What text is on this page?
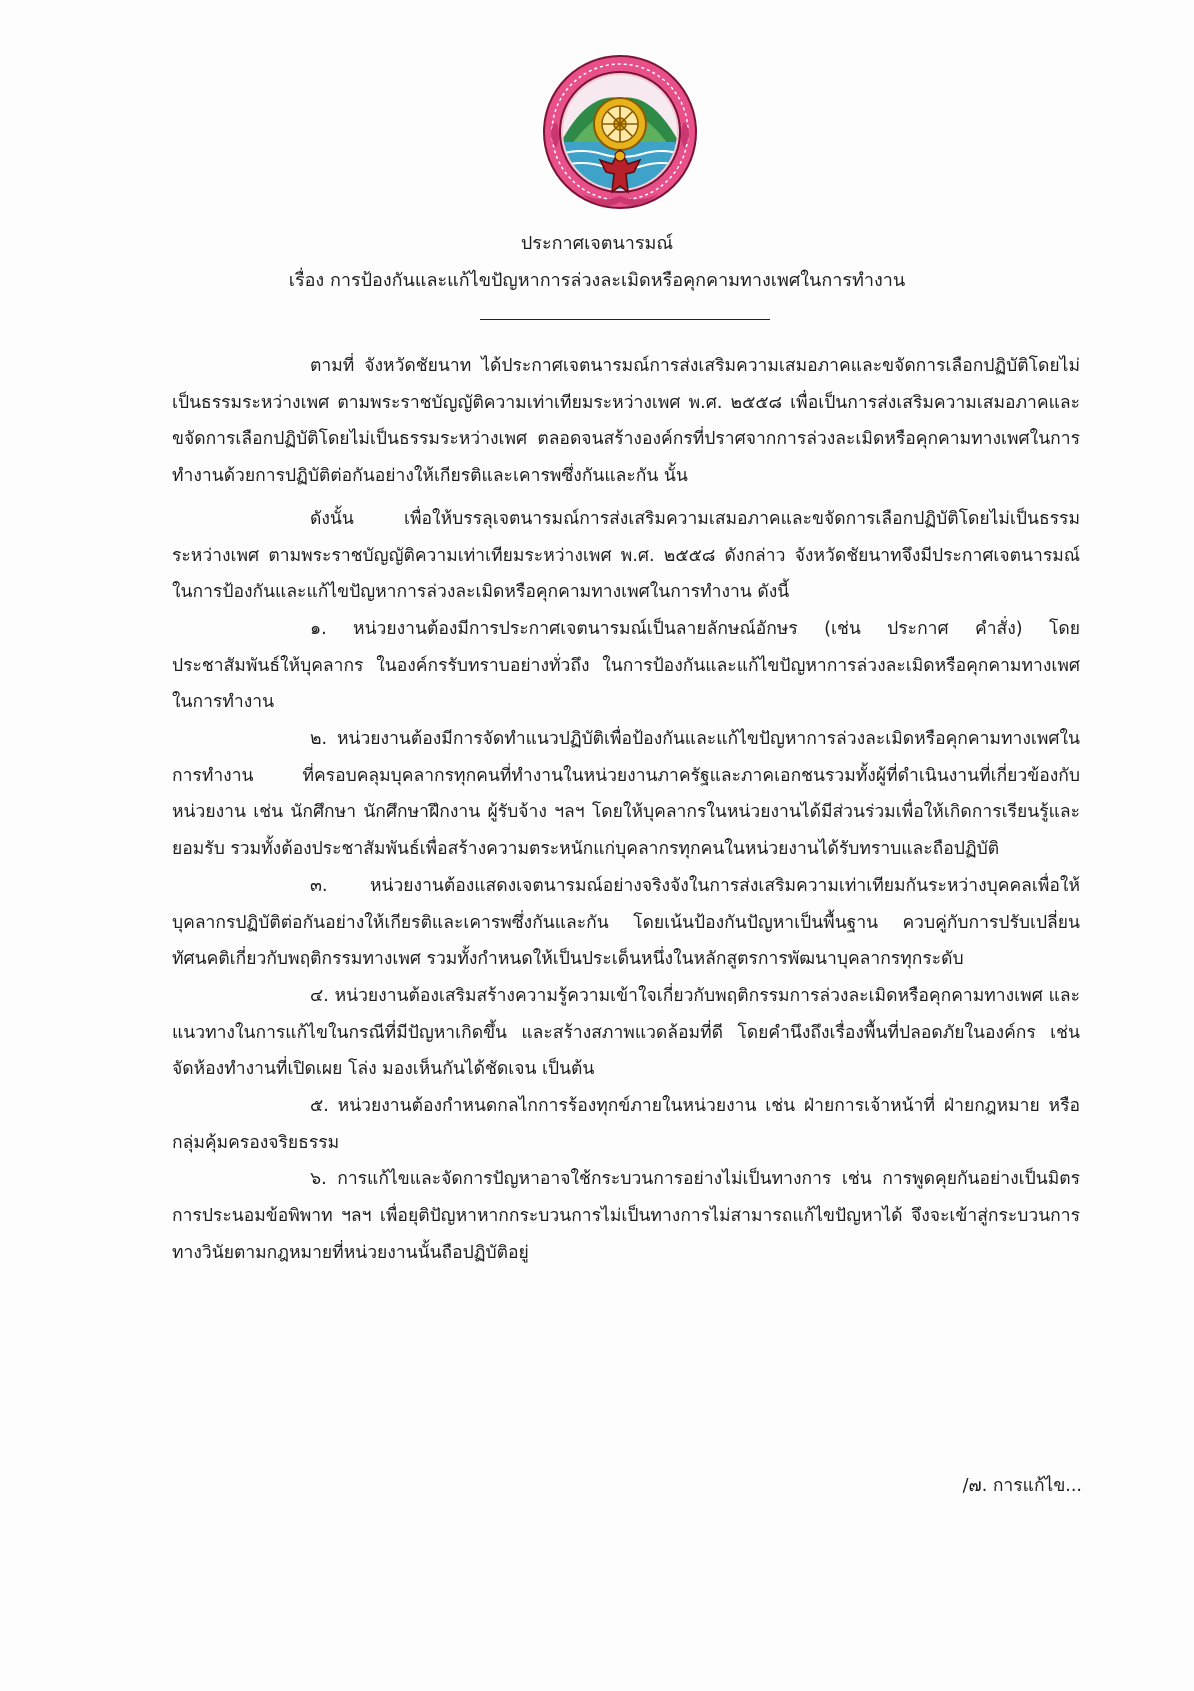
ประกาศเจตนารมณ์
เรื่อง การป้องกันและแก้ไขปัญหาการล่วงละเมิดหรือคุกคามทางเพศในการทำงาน

ตามที่ จังหวัดชัยนาท ได้ประกาศเจตนารมณ์การส่งเสริมความเสมอภาคและขจัดการเลือกปฏิบัติโดยไม่เป็นธรรมระหว่างเพศ ตามพระราชบัญญัติความเท่าเทียมระหว่างเพศ พ.ศ. ๒๕๕๘ เพื่อเป็นการส่งเสริมความเสมอภาคและขจัดการเลือกปฏิบัติโดยไม่เป็นธรรมระหว่างเพศ ตลอดจนสร้างองค์กรที่ปราศจากการล่วงละเมิดหรือคุกคามทางเพศในการทำงานด้วยการปฏิบัติต่อกันอย่างให้เกียรติและเคารพซึ่งกันและกัน นั้น

ดังนั้น เพื่อให้บรรลุเจตนารมณ์การส่งเสริมความเสมอภาคและขจัดการเลือกปฏิบัติโดยไม่เป็นธรรมระหว่างเพศ ตามพระราชบัญญัติความเท่าเทียมระหว่างเพศ พ.ศ. ๒๕๕๘ ดังกล่าว จังหวัดชัยนาทจึงมีประกาศเจตนารมณ์ในการป้องกันและแก้ไขปัญหาการล่วงละเมิดหรือคุกคามทางเพศในการทำงาน ดังนี้

๑. หน่วยงานต้องมีการประกาศเจตนารมณ์เป็นลายลักษณ์อักษร (เช่น ประกาศ คำสั่ง) โดยประชาสัมพันธ์ให้บุคลากร ในองค์กรรับทราบอย่างทั่วถึง ในการป้องกันและแก้ไขปัญหาการล่วงละเมิดหรือคุกคามทางเพศในการทำงาน

๒. หน่วยงานต้องมีการจัดทำแนวปฏิบัติเพื่อป้องกันและแก้ไขปัญหาการล่วงละเมิดหรือคุกคามทางเพศในการทำงาน ที่ครอบคลุมบุคลากรทุกคนที่ทำงานในหน่วยงานภาครัฐและภาคเอกชนรวมทั้งผู้ที่ดำเนินงานที่เกี่ยวข้องกับหน่วยงาน เช่น นักศึกษา นักศึกษาฝึกงาน ผู้รับจ้าง ฯลฯ โดยให้บุคลากรในหน่วยงานได้มีส่วนร่วมเพื่อให้เกิดการเรียนรู้และยอมรับ รวมทั้งต้องประชาสัมพันธ์เพื่อสร้างความตระหนักแก่บุคลากรทุกคนในหน่วยงานได้รับทราบและถือปฏิบัติ

๓. หน่วยงานต้องแสดงเจตนารมณ์อย่างจริงจังในการส่งเสริมความเท่าเทียมกันระหว่างบุคคลเพื่อให้บุคลากรปฏิบัติต่อกันอย่างให้เกียรติและเคารพซึ่งกันและกัน โดยเน้นป้องกันปัญหาเป็นพื้นฐาน ควบคู่กับการปรับเปลี่ยนทัศนคติเกี่ยวกับพฤติกรรมทางเพศ รวมทั้งกำหนดให้เป็นประเด็นหนึ่งในหลักสูตรการพัฒนาบุคลากรทุกระดับ

๔. หน่วยงานต้องเสริมสร้างความรู้ความเข้าใจเกี่ยวกับพฤติกรรมการล่วงละเมิดหรือคุกคามทางเพศ และแนวทางในการแก้ไขในกรณีที่มีปัญหาเกิดขึ้น และสร้างสภาพแวดล้อมที่ดี โดยคำนึงถึงเรื่องพื้นที่ปลอดภัยในองค์กร เช่น จัดห้องทำงานที่เปิดเผย โล่ง มองเห็นกันได้ชัดเจน เป็นต้น

๕. หน่วยงานต้องกำหนดกลไกการร้องทุกข์ภายในหน่วยงาน เช่น ฝ่ายการเจ้าหน้าที่ ฝ่ายกฎหมาย หรือกลุ่มคุ้มครองจริยธรรม

๖. การแก้ไขและจัดการปัญหาอาจใช้กระบวนการอย่างไม่เป็นทางการ เช่น การพูดคุยกันอย่างเป็นมิตร การประนอมข้อพิพาท ฯลฯ เพื่อยุติปัญหาหากกระบวนการไม่เป็นทางการไม่สามารถแก้ไขปัญหาได้ จึงจะเข้าสู่กระบวนการทางวินัยตามกฎหมายที่หน่วยงานนั้นถือปฏิบัติอยู่

/๗. การแก้ไข...
